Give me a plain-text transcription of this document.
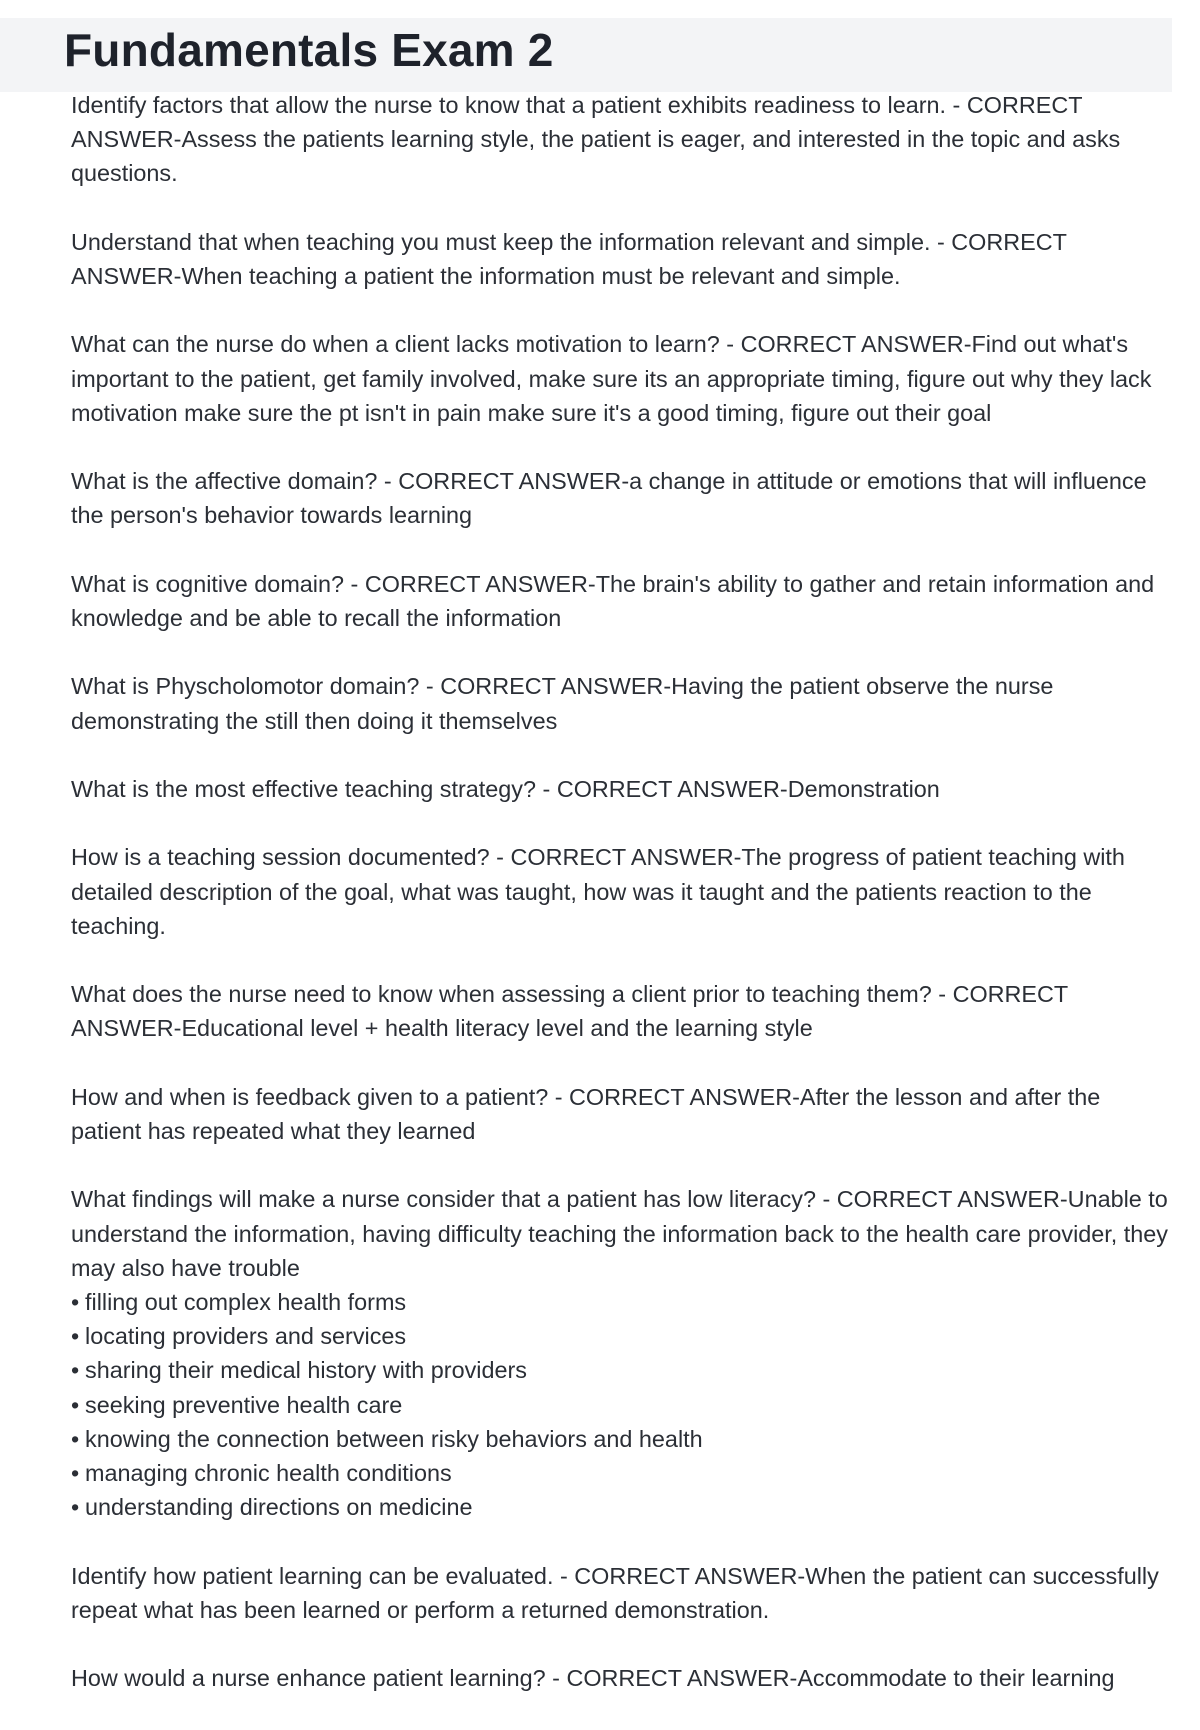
Fundamentals Exam 2
Identify factors that allow the nurse to know that a patient exhibits readiness to learn. - CORRECT ANSWER-Assess the patients learning style, the patient is eager, and interested in the topic and asks questions.
Understand that when teaching you must keep the information relevant and simple. - CORRECT ANSWER-When teaching a patient the information must be relevant and simple.
What can the nurse do when a client lacks motivation to learn? - CORRECT ANSWER-Find out what's important to the patient, get family involved, make sure its an appropriate timing, figure out why they lack motivation make sure the pt isn't in pain make sure it's a good timing, figure out their goal
What is the affective domain? - CORRECT ANSWER-a change in attitude or emotions that will influence the person's behavior towards learning
What is cognitive domain? - CORRECT ANSWER-The brain's ability to gather and retain information and knowledge and be able to recall the information
What is Physcholomotor domain? - CORRECT ANSWER-Having the patient observe the nurse demonstrating the still then doing it themselves
What is the most effective teaching strategy? - CORRECT ANSWER-Demonstration
How is a teaching session documented? - CORRECT ANSWER-The progress of patient teaching with detailed description of the goal, what was taught, how was it taught and the patients reaction to the teaching.
What does the nurse need to know when assessing a client prior to teaching them? - CORRECT ANSWER-Educational level + health literacy level and the learning style
How and when is feedback given to a patient? - CORRECT ANSWER-After the lesson and after the patient has repeated what they learned
What findings will make a nurse consider that a patient has low literacy? - CORRECT ANSWER-Unable to understand the information, having difficulty teaching the information back to the health care provider, they may also have trouble
• filling out complex health forms
• locating providers and services
• sharing their medical history with providers
• seeking preventive health care
• knowing the connection between risky behaviors and health
• managing chronic health conditions
• understanding directions on medicine
Identify how patient learning can be evaluated. - CORRECT ANSWER-When the patient can successfully repeat what has been learned or perform a returned demonstration.
How would a nurse enhance patient learning? - CORRECT ANSWER-Accommodate to their learning
